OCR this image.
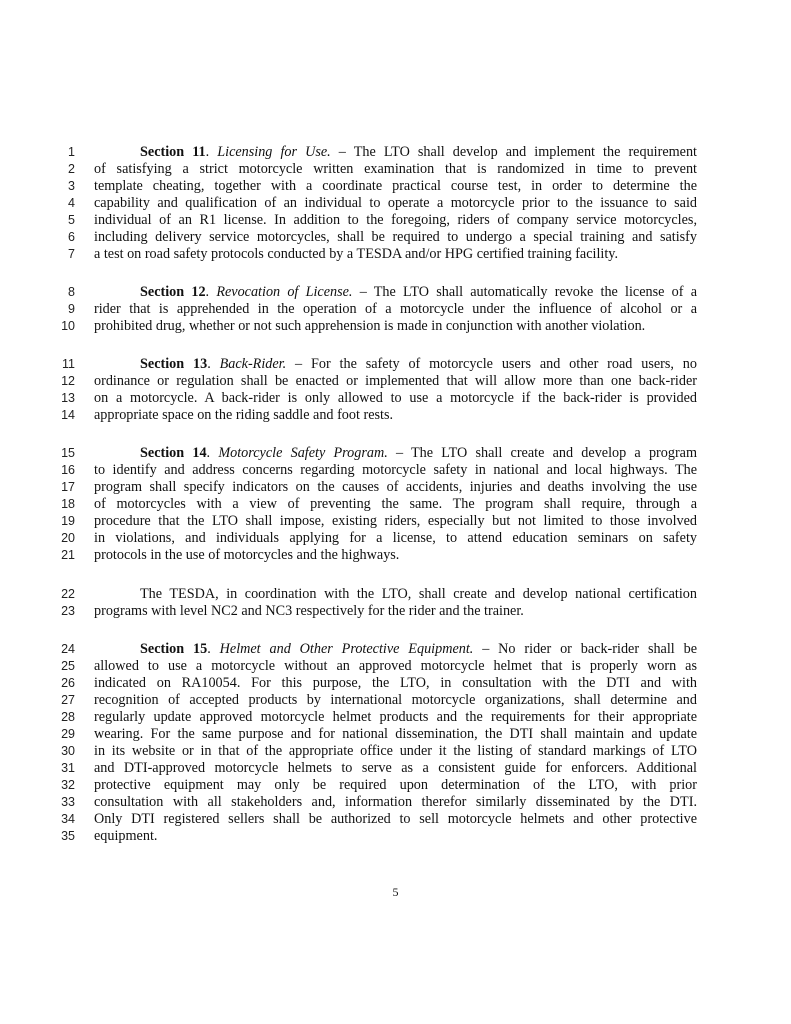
1	Section 11. Licensing for Use. – The LTO shall develop and implement the requirement
2 of satisfying a strict motorcycle written examination that is randomized in time to prevent
3 template cheating, together with a coordinate practical course test, in order to determine the
4 capability and qualification of an individual to operate a motorcycle prior to the issuance to said
5 individual of an R1 license. In addition to the foregoing, riders of company service motorcycles,
6 including delivery service motorcycles, shall be required to undergo a special training and satisfy
7 a test on road safety protocols conducted by a TESDA and/or HPG certified training facility.
8	Section 12. Revocation of License. – The LTO shall automatically revoke the license of a
9 rider that is apprehended in the operation of a motorcycle under the influence of alcohol or a
10 prohibited drug, whether or not such apprehension is made in conjunction with another violation.
11	Section 13. Back-Rider. – For the safety of motorcycle users and other road users, no
12 ordinance or regulation shall be enacted or implemented that will allow more than one back-rider
13 on a motorcycle. A back-rider is only allowed to use a motorcycle if the back-rider is provided
14 appropriate space on the riding saddle and foot rests.
15	Section 14. Motorcycle Safety Program. – The LTO shall create and develop a program
16 to identify and address concerns regarding motorcycle safety in national and local highways. The
17 program shall specify indicators on the causes of accidents, injuries and deaths involving the use
18 of motorcycles with a view of preventing the same. The program shall require, through a
19 procedure that the LTO shall impose, existing riders, especially but not limited to those involved
20 in violations, and individuals applying for a license, to attend education seminars on safety
21 protocols in the use of motorcycles and the highways.
22	The TESDA, in coordination with the LTO, shall create and develop national certification
23 programs with level NC2 and NC3 respectively for the rider and the trainer.
24	Section 15. Helmet and Other Protective Equipment. – No rider or back-rider shall be
25 allowed to use a motorcycle without an approved motorcycle helmet that is properly worn as
26 indicated on RA10054. For this purpose, the LTO, in consultation with the DTI and with
27 recognition of accepted products by international motorcycle organizations, shall determine and
28 regularly update approved motorcycle helmet products and the requirements for their appropriate
29 wearing. For the same purpose and for national dissemination, the DTI shall maintain and update
30 in its website or in that of the appropriate office under it the listing of standard markings of LTO
31 and DTI-approved motorcycle helmets to serve as a consistent guide for enforcers. Additional
32 protective equipment may only be required upon determination of the LTO, with prior
33 consultation with all stakeholders and, information therefor similarly disseminated by the DTI.
34 Only DTI registered sellers shall be authorized to sell motorcycle helmets and other protective
35 equipment.
5
